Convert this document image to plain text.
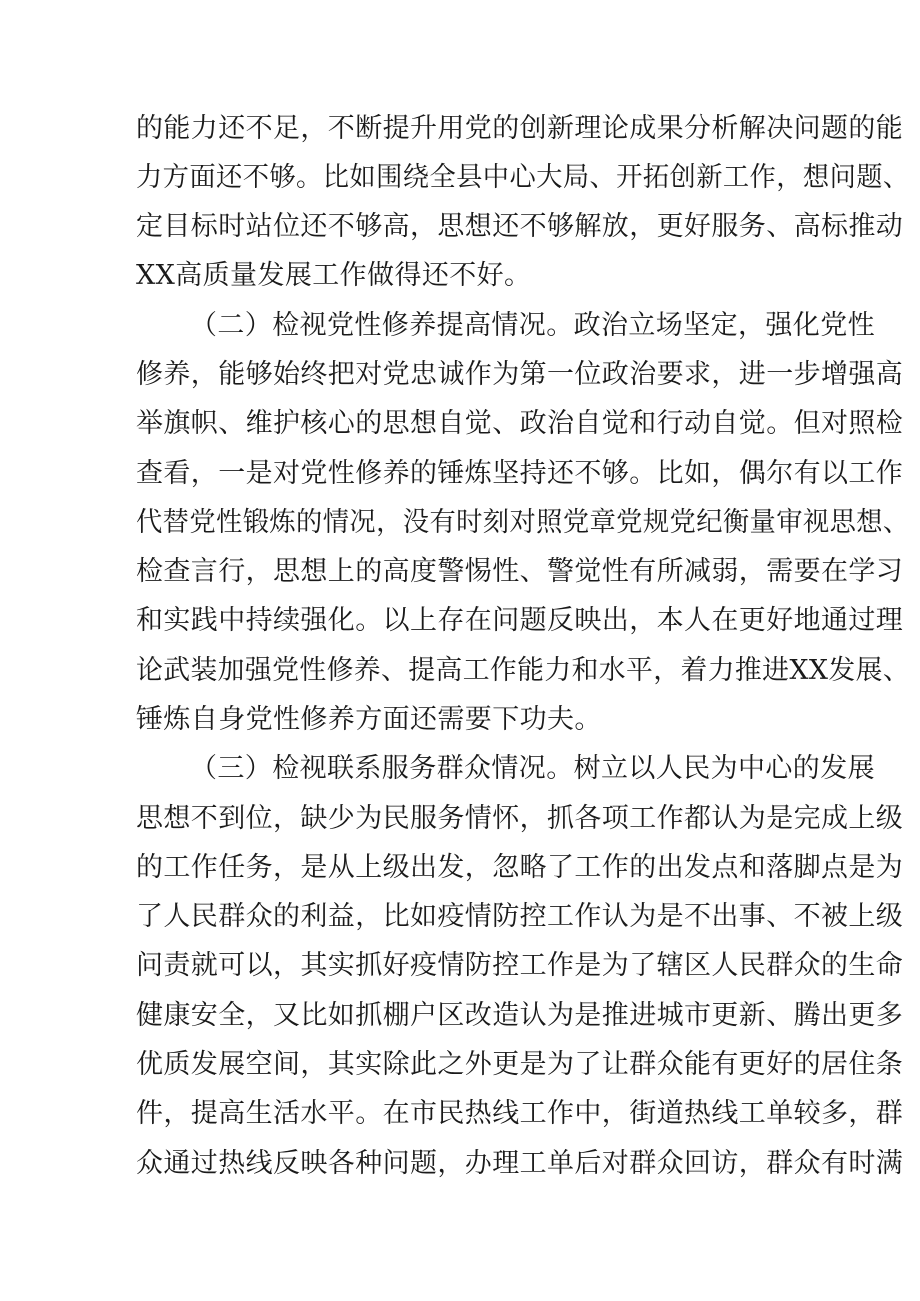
的能力还不足，不断提升用党的创新理论成果分析解决问题的能
力方面还不够。比如围绕全县中心大局、开拓创新工作，想问题、
定目标时站位还不够高，思想还不够解放，更好服务、高标推动
XX高质量发展工作做得还不好。
（二）检视党性修养提高情况。政治立场坚定，强化党性
修养，能够始终把对党忠诚作为第一位政治要求，进一步增强高
举旗帜、维护核心的思想自觉、政治自觉和行动自觉。但对照检
查看，一是对党性修养的锤炼坚持还不够。比如，偶尔有以工作
代替党性锻炼的情况，没有时刻对照党章党规党纪衡量审视思想、
检查言行，思想上的高度警惕性、警觉性有所减弱，需要在学习
和实践中持续强化。以上存在问题反映出，本人在更好地通过理
论武装加强党性修养、提高工作能力和水平，着力推进XX发展、
锤炼自身党性修养方面还需要下功夫。
（三）检视联系服务群众情况。树立以人民为中心的发展
思想不到位，缺少为民服务情怀，抓各项工作都认为是完成上级
的工作任务，是从上级出发，忽略了工作的出发点和落脚点是为
了人民群众的利益，比如疫情防控工作认为是不出事、不被上级
问责就可以，其实抓好疫情防控工作是为了辖区人民群众的生命
健康安全，又比如抓棚户区改造认为是推进城市更新、腾出更多
优质发展空间，其实除此之外更是为了让群众能有更好的居住条
件，提高生活水平。在市民热线工作中，街道热线工单较多，群
众通过热线反映各种问题，办理工单后对群众回访，群众有时满
